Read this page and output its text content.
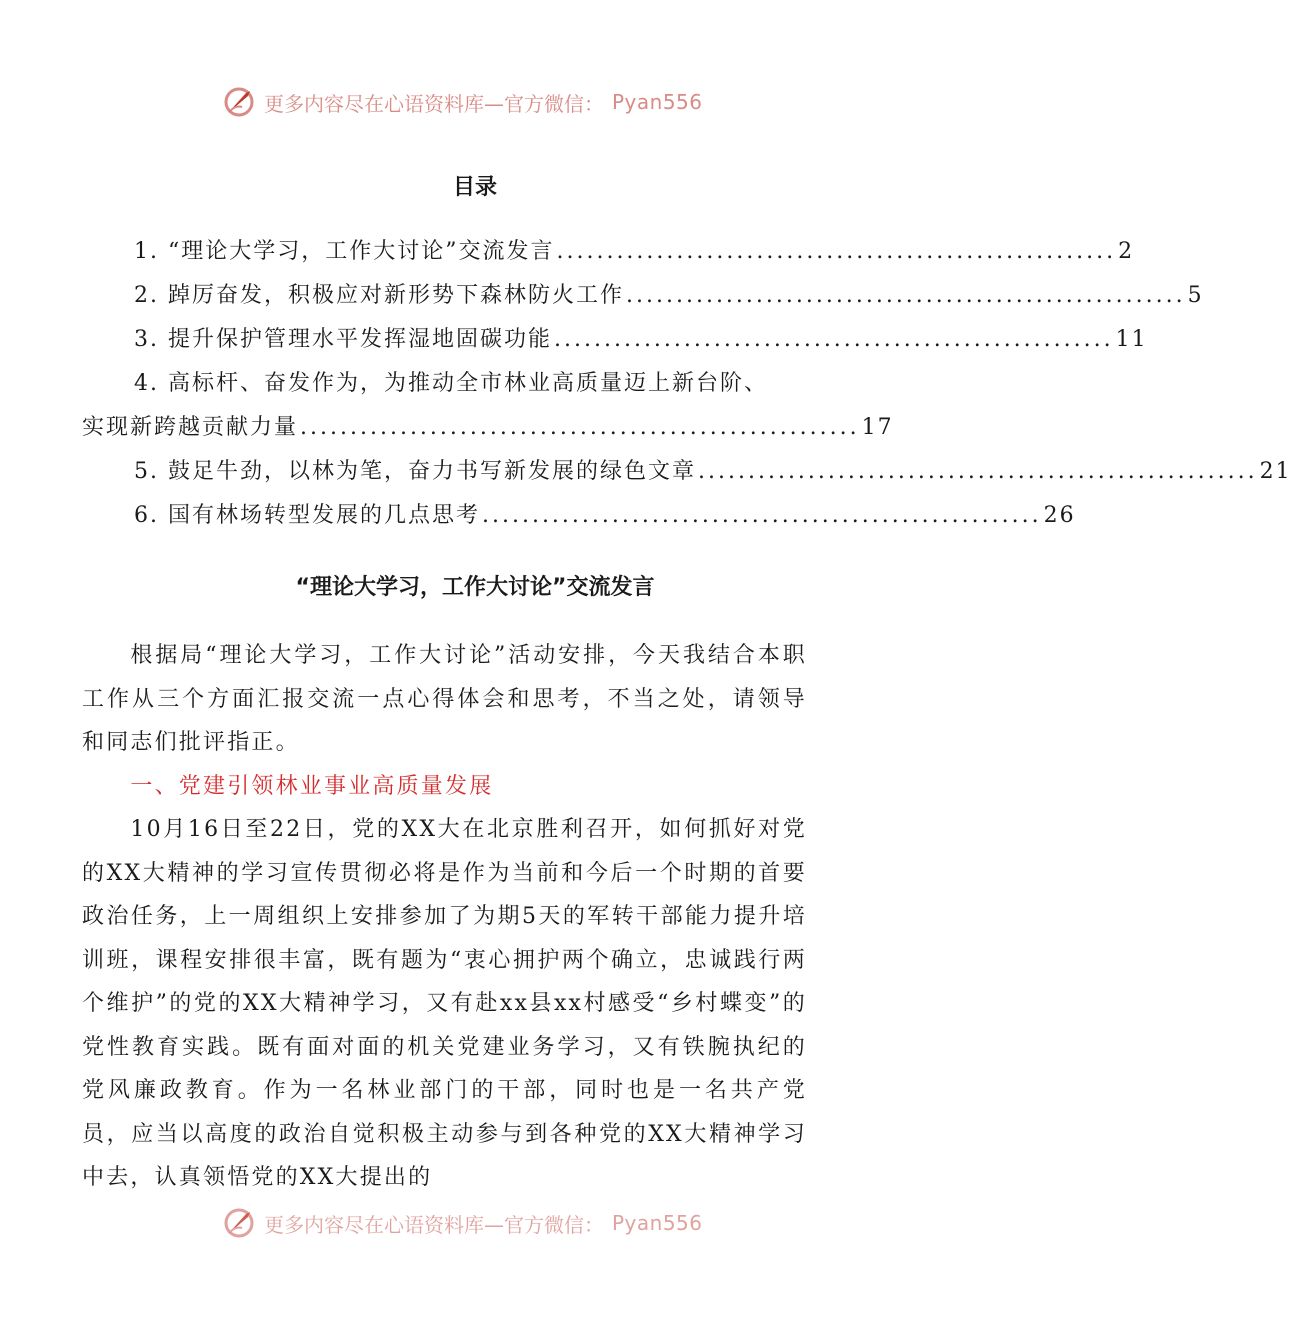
更多内容尽在心语资料库—官方微信： Pyan556
目录
1. “理论大学习，工作大讨论”交流发言 ........................................................ 2
2. 踔厉奋发，积极应对新形势下森林防火工作 ........................................................ 5
3. 提升保护管理水平发挥湿地固碳功能 ........................................................ 11
4. 高标杆、奋发作为，为推动全市林业高质量迈上新台阶、
实现新跨越贡献力量 ........................................................ 17
5. 鼓足牛劲，以林为笔，奋力书写新发展的绿色文章 ........................................................ 21
6. 国有林场转型发展的几点思考 ........................................................ 26
“理论大学习，工作大讨论”交流发言

根据局“理论大学习，工作大讨论”活动安排，今天我结合本职工作从三个方面汇报交流一点心得体会和思考，不当之处，请领导和同志们批评指正。

一、党建引领林业事业高质量发展

10月16日至22日，党的XX大在北京胜利召开，如何抓好对党的XX大精神的学习宣传贯彻必将是作为当前和今后一个时期的首要政治任务，上一周组织上安排参加了为期5天的军转干部能力提升培训班，课程安排很丰富，既有题为“衷心拥护两个确立，忠诚践行两个维护”的党的XX大精神学习，又有赴xx县xx村感受“乡村蝶变”的党性教育实践。既有面对面的机关党建业务学习，又有铁腕执纪的党风廉政教育。作为一名林业部门的干部，同时也是一名共产党员，应当以高度的政治自觉积极主动参与到各种党的XX大精神学习中去，认真领悟党的XX大提出的

更多内容尽在心语资料库—官方微信： Pyan556
